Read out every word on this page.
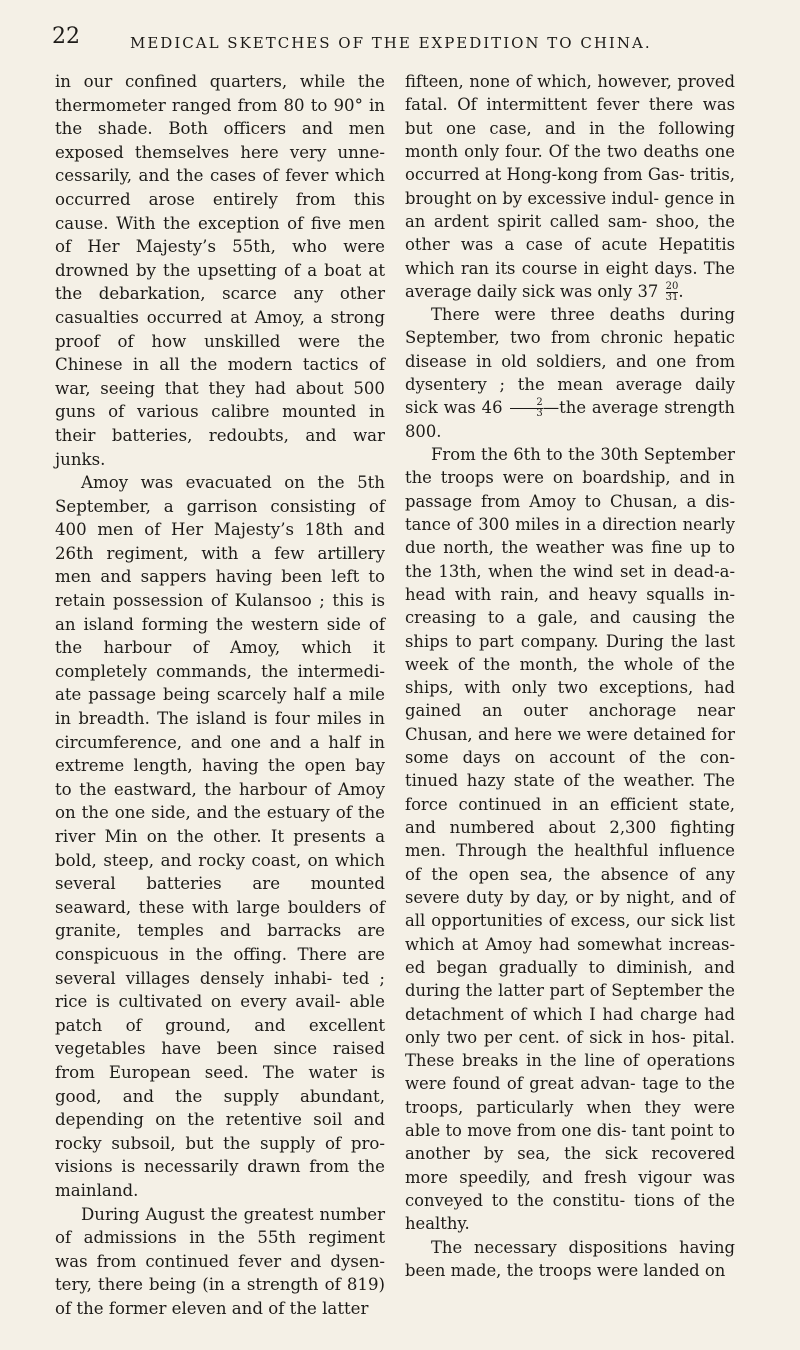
22	MEDICAL SKETCHES OF THE EXPEDITION TO CHINA.

in our confined quarters, while the thermometer ranged from 80 to 90° in the shade. Both officers and men exposed themselves here very unne- cessarily, and the cases of fever which occurred arose entirely from this cause. With the exception of five men of Her Majesty’s 55th, who were drowned by the upsetting of a boat at the debarkation, scarce any other casualties occurred at Amoy, a strong proof of how unskilled were the Chinese in all the modern tactics of war, seeing that they had about 500 guns of various calibre mounted in their batteries, redoubts, and war junks.

Amoy was evacuated on the 5th September, a garrison consisting of 400 men of Her Majesty’s 18th and 26th regiment, with a few artillery men and sappers having been left to retain possession of Kulansoo ; this is an island forming the western side of the harbour of Amoy, which it completely commands, the intermedi- ate passage being scarcely half a mile in breadth. The island is four miles in circumference, and one and a half in extreme length, having the open bay to the eastward, the harbour of Amoy on the one side, and the estuary of the river Min on the other. It presents a bold, steep, and rocky coast, on which several batteries are mounted seaward, these with large boulders of granite, temples and barracks are conspicuous in the offing. There are several villages densely inhabi- ted ; rice is cultivated on every avail- able patch of ground, and excellent vegetables have been since raised from European seed. The water is good, and the supply abundant, depending on the retentive soil and rocky subsoil, but the supply of pro- visions is necessarily drawn from the mainland.

During August the greatest number of admissions in the 55th regiment was from continued fever and dysen- tery, there being (in a strength of 819) of the former eleven and of the latter

fifteen, none of which, however, proved fatal. Of intermittent fever there was but one case, and in the following month only four. Of the two deaths one occurred at Hong-kong from Gas- tritis, brought on by excessive indul- gence in an ardent spirit called sam- shoo, the other was a case of acute Hepatitis which ran its course in eight days. The average daily sick was only $37 \frac{20}{31}$ .

There were three deaths during September, two from chronic hepatic disease in old soldiers, and one from dysentery ; the mean average daily sick was $46 \frac{2}{3}$ —the average strength 800.

From the 6th to the 30th September the troops were on boardship, and in passage from Amoy to Chusan, a dis- tance of 300 miles in a direction nearly due north, the weather was fine up to the 13th, when the wind set in dead-a- head with rain, and heavy squalls in- creasing to a gale, and causing the ships to part company. During the last week of the month, the whole of the ships, with only two exceptions, had gained an outer anchorage near Chusan, and here we were detained for some days on account of the con- tinued hazy state of the weather. The force continued in an efficient state, and numbered about 2,300 fighting men. Through the healthful influence of the open sea, the absence of any severe duty by day, or by night, and of all opportunities of excess, our sick list which at Amoy had somewhat increas- ed began gradually to diminish, and during the latter part of September the detachment of which I had charge had only two per cent. of sick in hos- pital. These breaks in the line of operations were found of great advan- tage to the troops, particularly when they were able to move from one dis- tant point to another by sea, the sick recovered more speedily, and fresh vigour was conveyed to the constitu- tions of the healthy.

The necessary dispositions having been made, the troops were landed on
